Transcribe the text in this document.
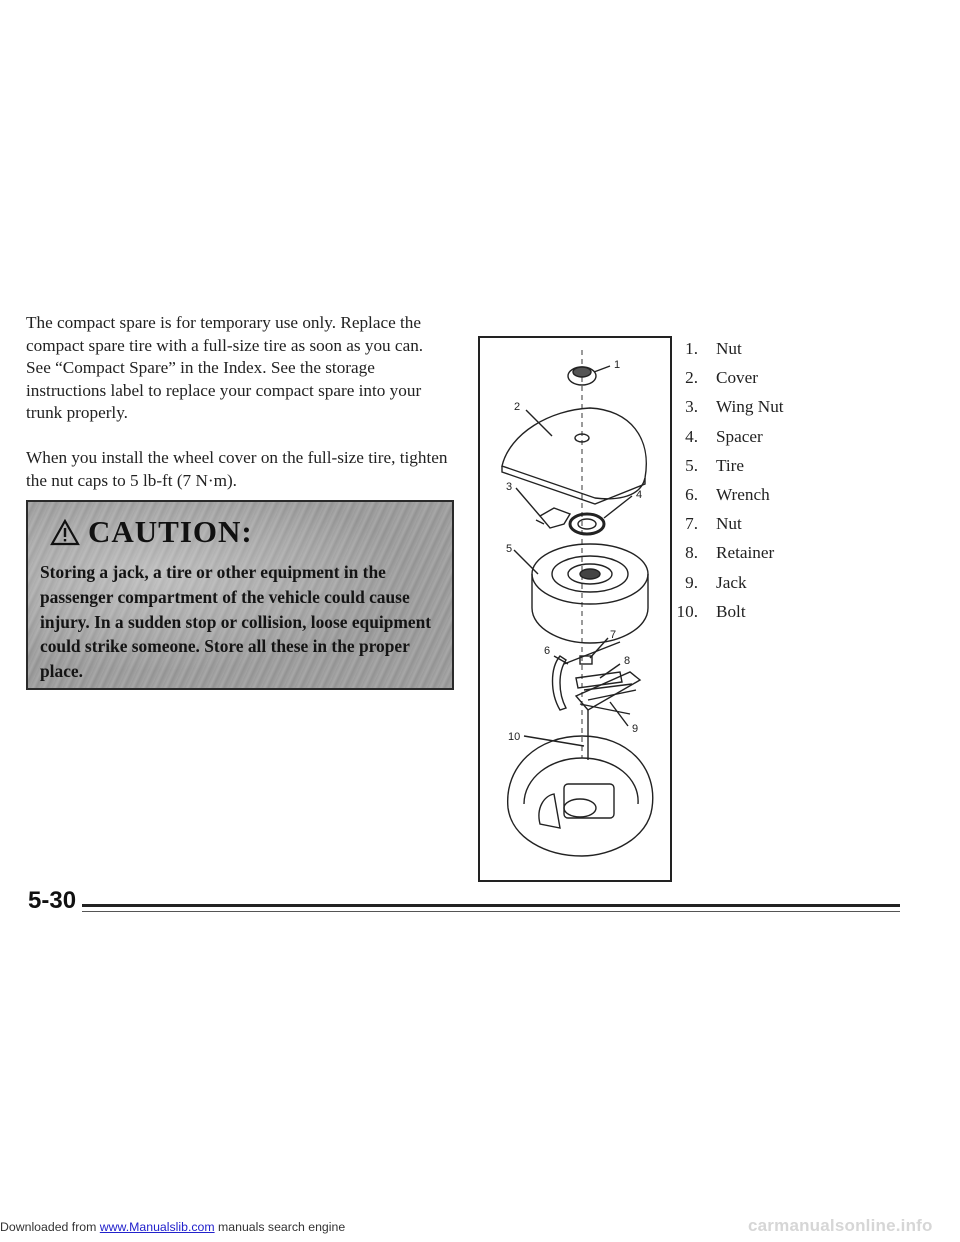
The compact spare is for temporary use only. Replace the compact spare tire with a full-size tire as soon as you can. See “Compact Spare” in the Index. See the storage instructions label to replace your compact spare into your trunk properly.

When you install the wheel cover on the full-size tire, tighten the nut caps to 5 lb-ft (7 N·m).

CAUTION:

Storing a jack, a tire or other equipment in the passenger compartment of the vehicle could cause injury. In a sudden stop or collision, loose equipment could strike someone. Store all these in the proper place.

1
2
3
4
5
6
7
8
9
10
1. Nut
2. Cover
3. Wing Nut
4. Spacer
5. Tire
6. Wrench
7. Nut
8. Retainer
9. Jack
10. Bolt
5-30
Downloaded from www.Manualslib.com manuals search engine	carmanualsonline.info
